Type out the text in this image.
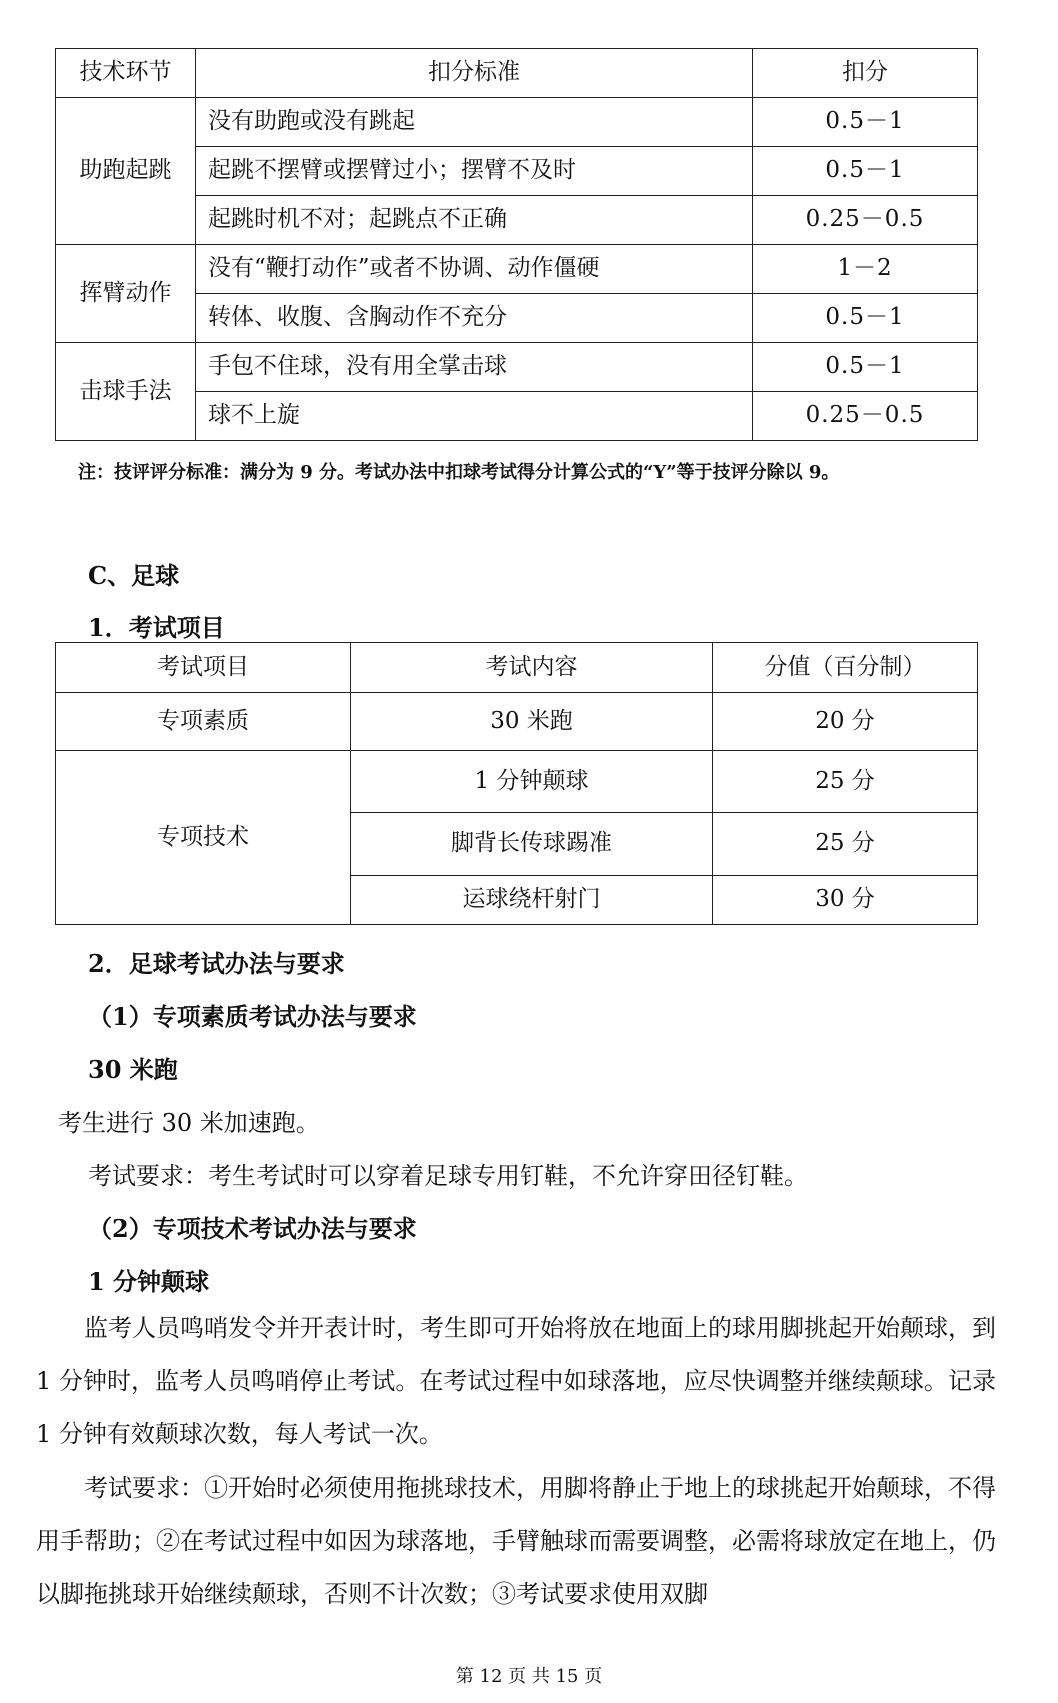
技术环节	扣分标准	扣分
助跑起跳	没有助跑或没有跳起	0.5－1
	起跳不摆臂或摆臂过小；摆臂不及时	0.5－1
	起跳时机不对；起跳点不正确	0.25－0.5
挥臂动作	没有“鞭打动作”或者不协调、动作僵硬	1－2
	转体、收腹、含胸动作不充分	0.5－1
击球手法	手包不住球，没有用全掌击球	0.5－1
	球不上旋	0.25－0.5
注：技评评分标准：满分为 9 分。考试办法中扣球考试得分计算公式的“Y”等于技评分除以 9。
C、足球
1．考试项目
考试项目	考试内容	分值（百分制）
专项素质	30 米跑	20 分
专项技术	1 分钟颠球	25 分
	脚背长传球踢准	25 分
	运球绕杆射门	30 分
2．足球考试办法与要求
（1）专项素质考试办法与要求
30 米跑
考生进行 30 米加速跑。
考试要求：考生考试时可以穿着足球专用钉鞋，不允许穿田径钉鞋。
（2）专项技术考试办法与要求
1 分钟颠球

　　监考人员鸣哨发令并开表计时，考生即可开始将放在地面上的球用脚挑起开始颠球，到 1 分钟时，监考人员鸣哨停止考试。在考试过程中如球落地，应尽快调整并继续颠球。记录 1 分钟有效颠球次数，每人考试一次。

　　考试要求：①开始时必须使用拖挑球技术，用脚将静止于地上的球挑起开始颠球，不得用手帮助；②在考试过程中如因为球落地，手臂触球而需要调整，必需将球放定在地上，仍以脚拖挑球开始继续颠球，否则不计次数；③考试要求使用双脚

第 12 页 共 15 页
